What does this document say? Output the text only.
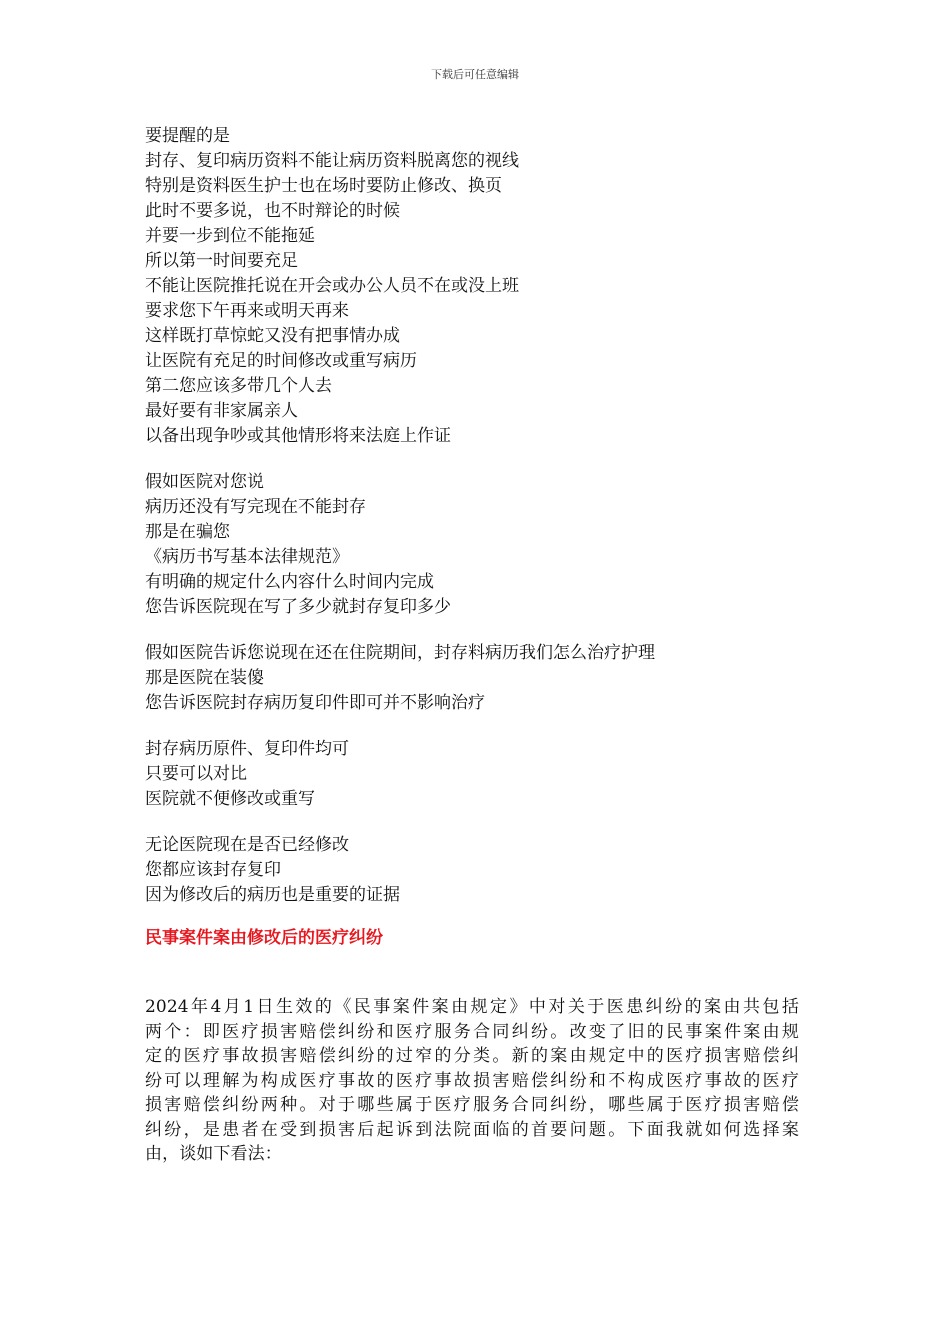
下载后可任意编辑
要提醒的是
封存、复印病历资料不能让病历资料脱离您的视线
特别是资料医生护士也在场时要防止修改、换页
此时不要多说，也不时辩论的时候
并要一步到位不能拖延
所以第一时间要充足
不能让医院推托说在开会或办公人员不在或没上班
要求您下午再来或明天再来
这样既打草惊蛇又没有把事情办成
让医院有充足的时间修改或重写病历
第二您应该多带几个人去
最好要有非家属亲人
以备出现争吵或其他情形将来法庭上作证
假如医院对您说
病历还没有写完现在不能封存
那是在骗您
《病历书写基本法律规范》
有明确的规定什么内容什么时间内完成
您告诉医院现在写了多少就封存复印多少
假如医院告诉您说现在还在住院期间，封存料病历我们怎么治疗护理
那是医院在装傻
您告诉医院封存病历复印件即可并不影响治疗
封存病历原件、复印件均可
只要可以对比
医院就不便修改或重写
无论医院现在是否已经修改
您都应该封存复印
因为修改后的病历也是重要的证据
民事案件案由修改后的医疗纠纷
2024年4月1日生效的《民事案件案由规定》中对关于医患纠纷的案由共包括
两个：即医疗损害赔偿纠纷和医疗服务合同纠纷。改变了旧的民事案件案由规
定的医疗事故损害赔偿纠纷的过窄的分类。新的案由规定中的医疗损害赔偿纠
纷可以理解为构成医疗事故的医疗事故损害赔偿纠纷和不构成医疗事故的医疗
损害赔偿纠纷两种。对于哪些属于医疗服务合同纠纷，哪些属于医疗损害赔偿
纠纷，是患者在受到损害后起诉到法院面临的首要问题。下面我就如何选择案
由，谈如下看法：
